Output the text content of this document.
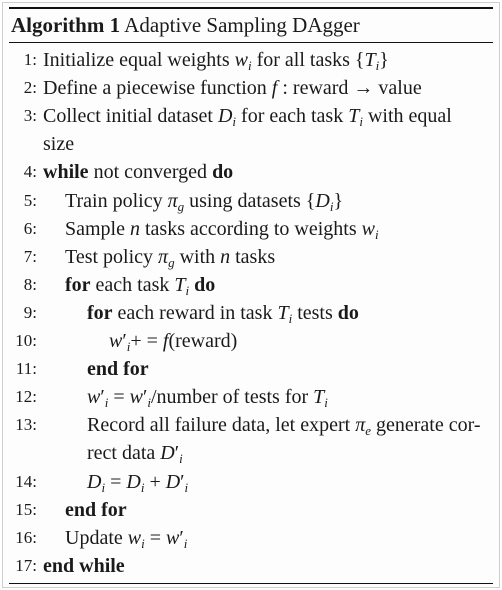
Algorithm 1 Adaptive Sampling DAgger
1: Initialize equal weights $w_i$ for all tasks $\{T_i\}$
2: Define a piecewise function f : reward → value
3: Collect initial dataset $D_i$ for each task $T_i$ with equal
size
4: while not converged do
5: Train policy $\pi_g$ using datasets $\{D_i\}$
6: Sample n tasks according to weights $w_i$
7: Test policy $\pi_g$ with n tasks
8: for each task $T_i$ do
9:	for each reward in task $T_i$ tests do
10:	$w'_i+$ = f(reward)
11:	end for
12:	$w'_i$ = $w'_i$/number of tests for $T_i$
13:	Record all failure data, let expert $\pi_e$ generate cor-
rect data $D'_i$
14:	$D_i = D_i + D'_i$
15: end for
16: Update $w_i = w'_i$
17: end while
